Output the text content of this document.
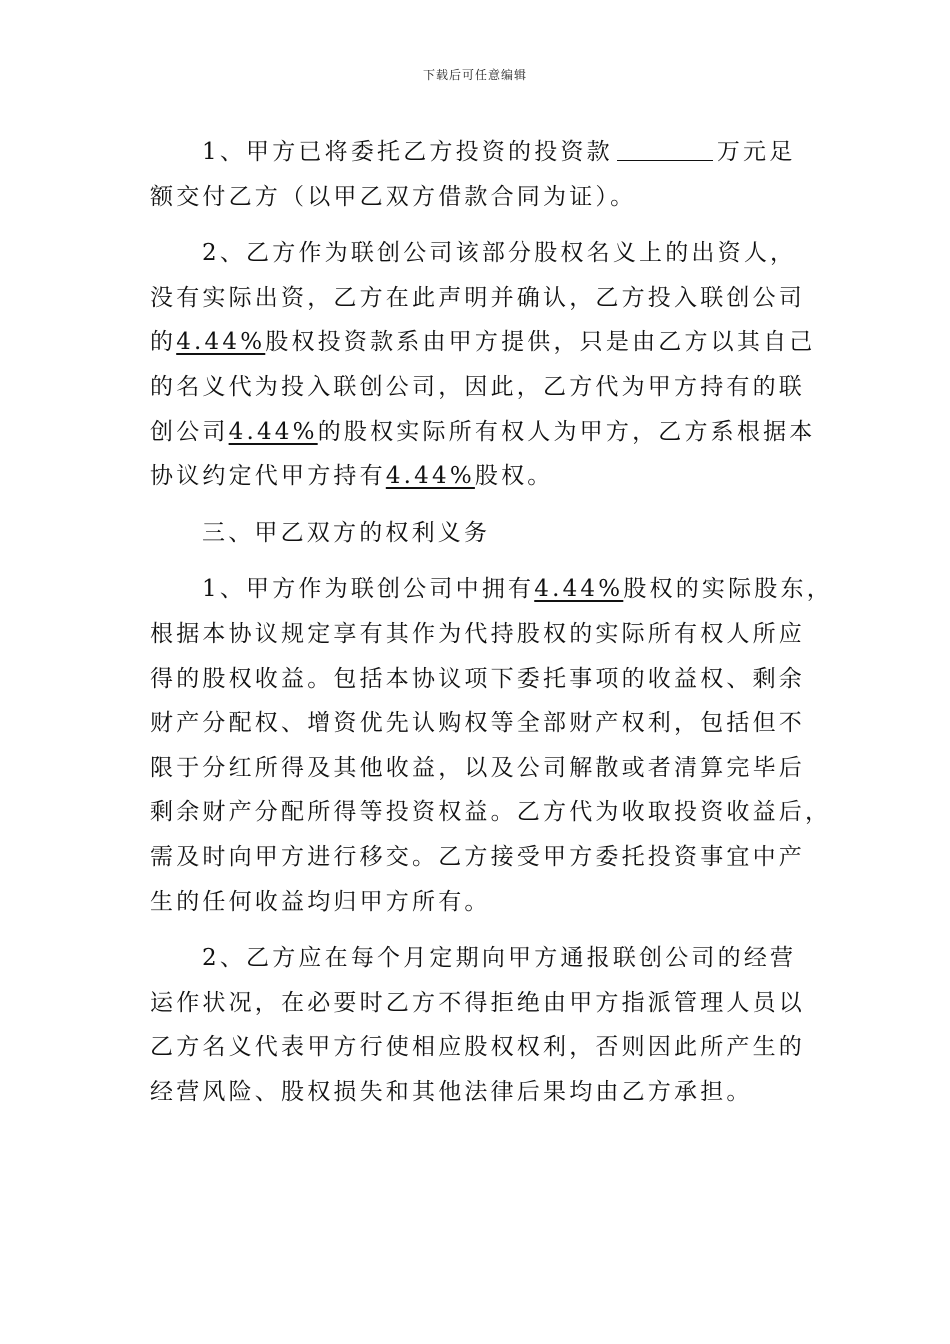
下载后可任意编辑

1、甲方已将委托乙方投资的投资款	万元足

额交付乙方（以甲乙双方借款合同为证）。

2、乙方作为联创公司该部分股权名义上的出资人，

没有实际出资，乙方在此声明并确认，乙方投入联创公司

的4.44%股权投资款系由甲方提供，只是由乙方以其自己

的名义代为投入联创公司，因此，乙方代为甲方持有的联

创公司4.44%的股权实际所有权人为甲方，乙方系根据本

协议约定代甲方持有4.44%股权。

三、甲乙双方的权利义务

1、甲方作为联创公司中拥有4.44%股权的实际股东，

根据本协议规定享有其作为代持股权的实际所有权人所应

得的股权收益。包括本协议项下委托事项的收益权、剩余

财产分配权、增资优先认购权等全部财产权利，包括但不

限于分红所得及其他收益，以及公司解散或者清算完毕后

剩余财产分配所得等投资权益。乙方代为收取投资收益后，

需及时向甲方进行移交。乙方接受甲方委托投资事宜中产

生的任何收益均归甲方所有。

2、乙方应在每个月定期向甲方通报联创公司的经营

运作状况，在必要时乙方不得拒绝由甲方指派管理人员以

乙方名义代表甲方行使相应股权权利，否则因此所产生的

经营风险、股权损失和其他法律后果均由乙方承担。
